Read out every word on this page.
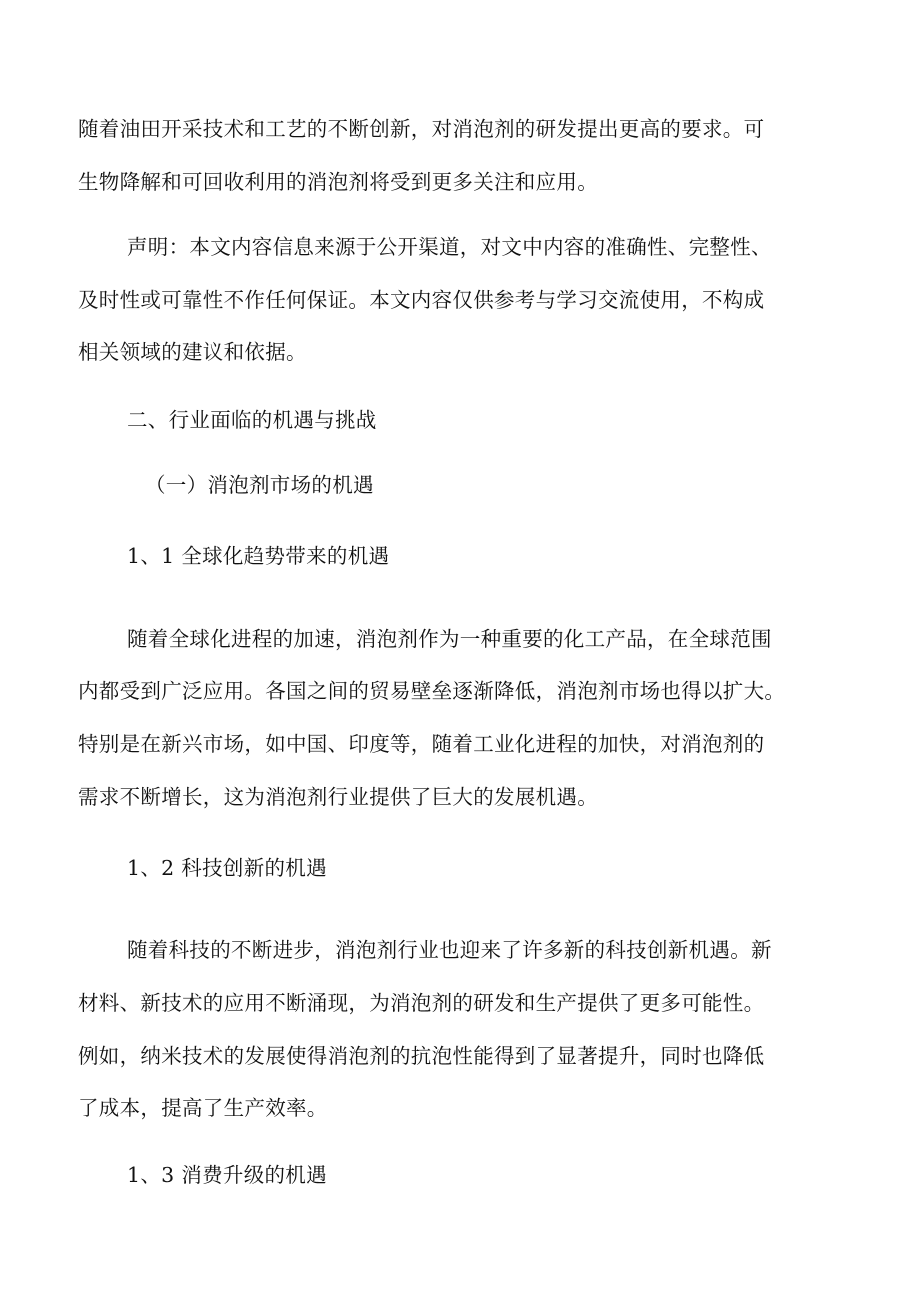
随着油田开采技术和工艺的不断创新，对消泡剂的研发提出更高的要求。可
生物降解和可回收利用的消泡剂将受到更多关注和应用。
声明：本文内容信息来源于公开渠道，对文中内容的准确性、完整性、
及时性或可靠性不作任何保证。本文内容仅供参考与学习交流使用，不构成
相关领域的建议和依据。
二、行业面临的机遇与挑战
（一）消泡剂市场的机遇
1、1 全球化趋势带来的机遇
随着全球化进程的加速，消泡剂作为一种重要的化工产品，在全球范围
内都受到广泛应用。各国之间的贸易壁垒逐渐降低，消泡剂市场也得以扩大。
特别是在新兴市场，如中国、印度等，随着工业化进程的加快，对消泡剂的
需求不断增长，这为消泡剂行业提供了巨大的发展机遇。
1、2 科技创新的机遇
随着科技的不断进步，消泡剂行业也迎来了许多新的科技创新机遇。新
材料、新技术的应用不断涌现，为消泡剂的研发和生产提供了更多可能性。
例如，纳米技术的发展使得消泡剂的抗泡性能得到了显著提升，同时也降低
了成本，提高了生产效率。
1、3 消费升级的机遇
